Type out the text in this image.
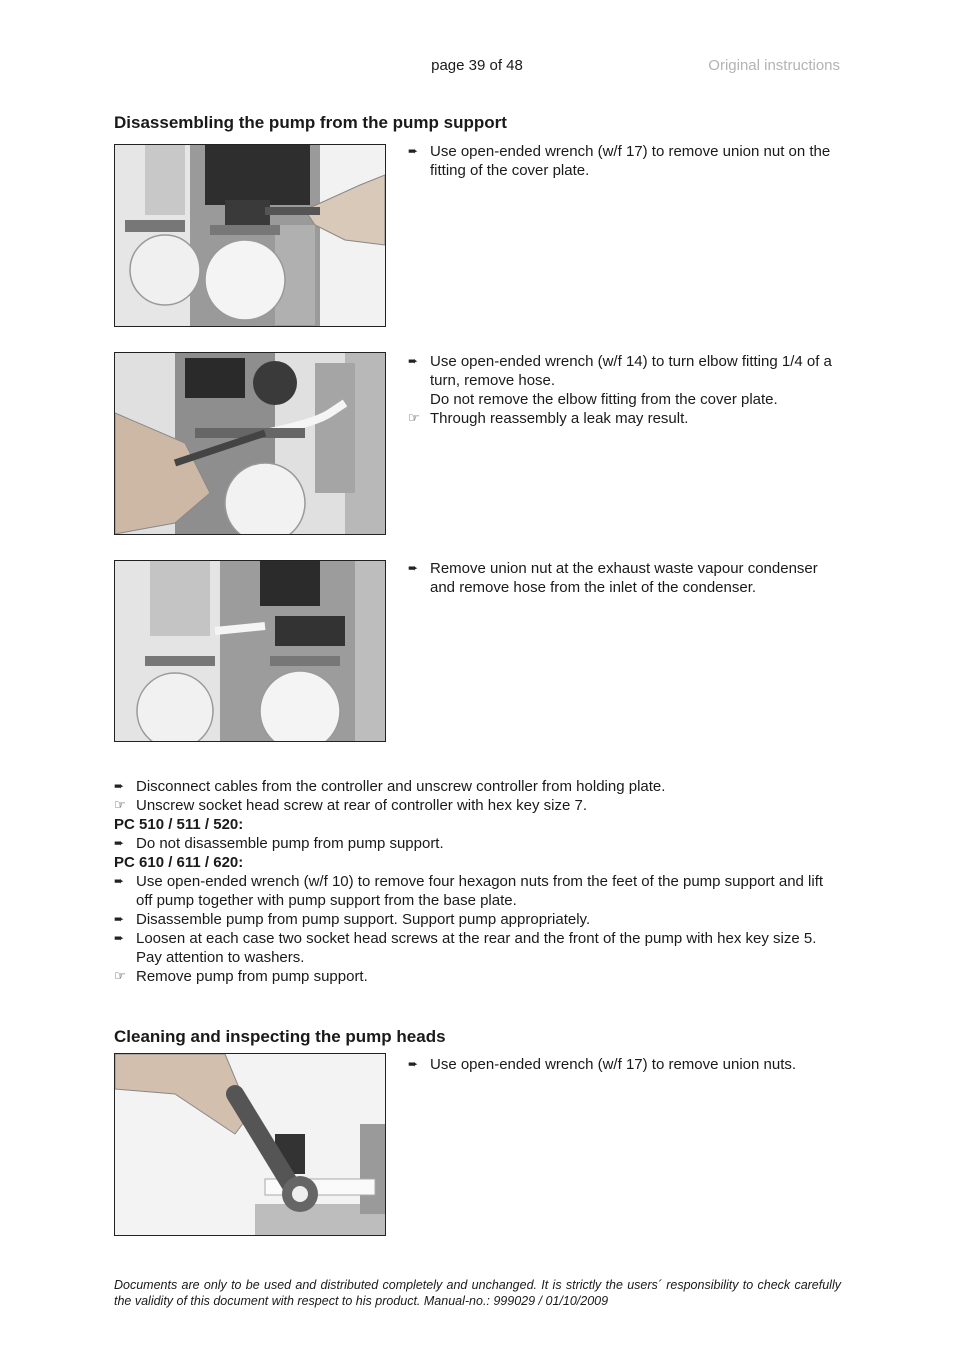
page 39 of 48	Original instructions
Disassembling the pump from the pump support

➨ Use open-ended wrench (w/f 17) to remove union nut on the fitting of the cover plate.

➨ Use open-ended wrench (w/f 14) to turn elbow fitting 1/4 of a turn, remove hose.

Do not remove the elbow fitting from the cover plate.

☞ Through reassembly a leak may result.

➨ Remove union nut at the exhaust waste vapour condenser and remove hose from the inlet of the condenser.

➨ Disconnect cables from the controller and unscrew controller from holding plate.

☞ Unscrew socket head screw at rear of controller with hex key size 7.

PC 510 / 511 / 520:

➨ Do not disassemble pump from pump support.

PC 610 / 611 / 620:

➨ Use open-ended wrench (w/f 10) to remove four hexagon nuts from the feet of the pump support and lift off pump together with pump support from the base plate.

➨ Disassemble pump from pump support. Support pump appropriately.

➨ Loosen at each case two socket head screws at the rear and the front of the pump with hex key size 5. Pay attention to washers.

☞ Remove pump from pump support.

Cleaning and inspecting the pump heads

➨ Use open-ended wrench (w/f 17) to remove union nuts.

Documents are only to be used and distributed completely and unchanged. It is strictly the users´ responsibility to check carefully the validity of this document with respect to his product. Manual-no.: 999029 / 01/10/2009
